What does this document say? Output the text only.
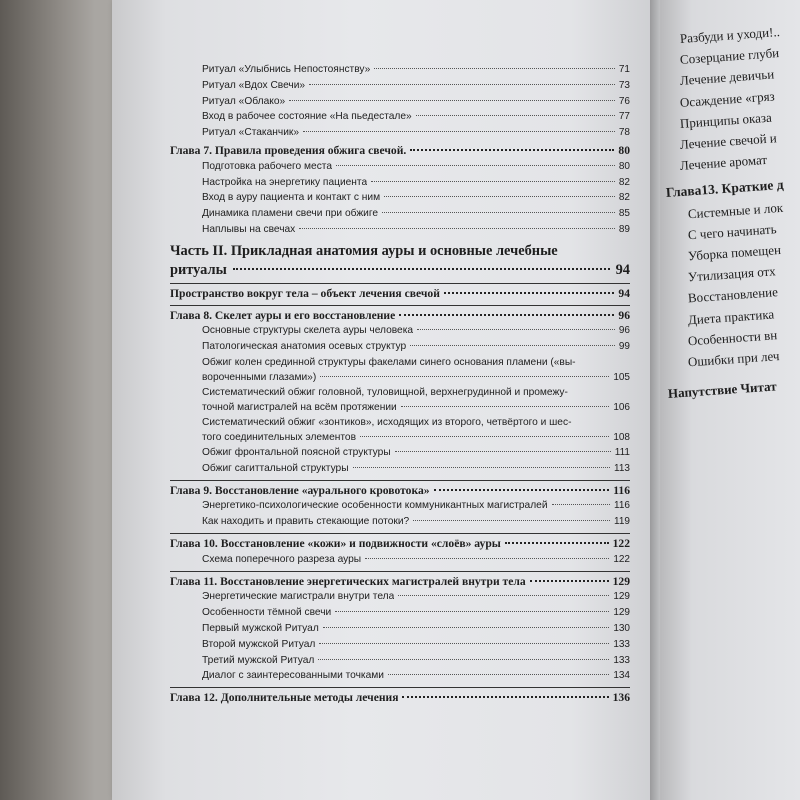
Разбуди и уходи!..
Созерцание глуби
Лечение девичьи
Осаждение «гряз
Принципы оказа
Лечение свечой и
Лечение аромат
Глава13. Краткие д
Системные и лок
С чего начинать
Уборка помещен
Утилизация отх
Восстановление
Диета практика
Особенности вн
Ошибки при леч
Напутствие Читат
Ритуал «Улыбнись Непостоянству»	71
Ритуал «Вдох Свечи»	73
Ритуал «Облако»	76
Вход в рабочее состояние «На пьедестале»	77
Ритуал «Стаканчик»	78
Глава 7. Правила проведения обжига свечой.	80
Подготовка рабочего места	80
Настройка на энергетику пациента	82
Вход в ауру пациента и контакт с ним	82
Динамика пламени свечи при обжиге	85
Наплывы на свечах	89
Часть II. Прикладная анатомия ауры и основные лечебные
ритуалы	94
Пространство вокруг тела – объект лечения свечой	94
Глава 8. Скелет ауры и его восстановление	96
Основные структуры скелета ауры человека	96
Патологическая анатомия осевых структур	99
Обжиг колен срединной структуры факелами синего основания пламени («вы-
вороченными глазами»)	105
Систематический обжиг головной, туловищной, верхнегрудинной и промежу-
точной магистралей на всём протяжении	106
Систематический обжиг «зонтиков», исходящих из второго, четвёртого и шес-
того соединительных элементов	108
Обжиг фронтальной поясной структуры	111
Обжиг сагиттальной структуры	113
Глава 9. Восстановление «аурального кровотока»	116
Энергетико-психологические особенности коммуникантных магистралей	116
Как находить и править стекающие потоки?	119
Глава 10. Восстановление «кожи» и подвижности «слоёв» ауры	122
Схема поперечного разреза ауры	122
Глава 11. Восстановление энергетических магистралей внутри тела	129
Энергетические магистрали внутри тела	129
Особенности тёмной свечи	129
Первый мужской Ритуал	130
Второй мужской Ритуал	133
Третий мужской Ритуал	133
Диалог с заинтересованными точками	134
Глава 12. Дополнительные методы лечения	136
